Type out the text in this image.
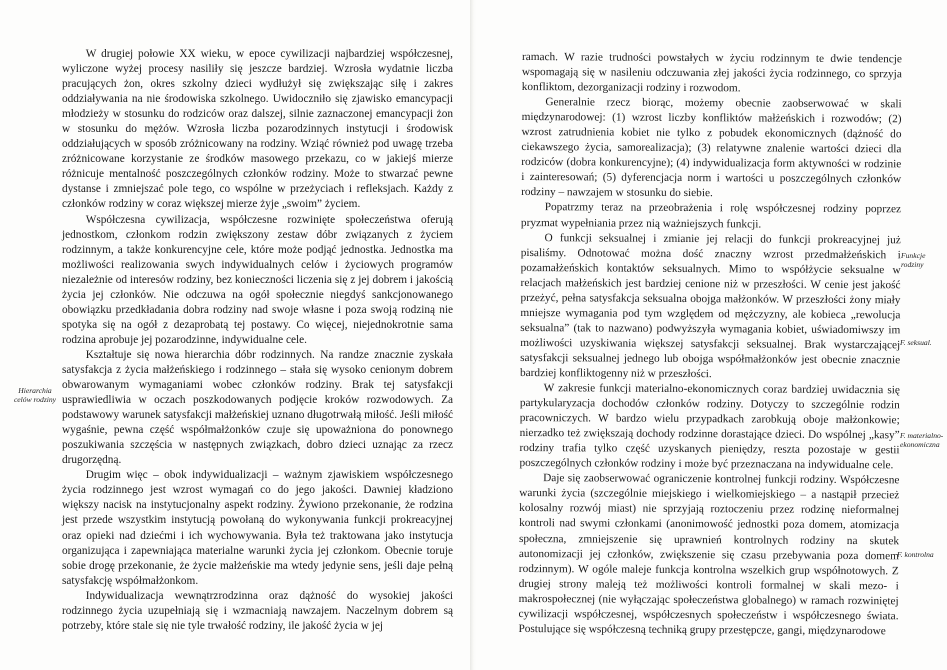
W drugiej połowie XX wieku, w epoce cywilizacji najbardziej współczesnej, wyliczone wyżej procesy nasiliły się jeszcze bardziej. Wzrosła wydatnie liczba pracujących żon, okres szkolny dzieci wydłużył się zwiększając siłę i zakres oddziaływania na nie środowiska szkolnego. Uwidoczniło się zjawisko emancypacji młodzieży w stosunku do rodziców oraz dalszej, silnie zaznaczonej emancypacji żon w stosunku do mężów. Wzrosła liczba pozarodzinnych instytucji i środowisk oddziałujących w sposób zróżnicowany na rodziny. Wziąć również pod uwagę trzeba zróżnicowane korzystanie ze środków masowego przekazu, co w jakiejś mierze różnicuje mentalność poszczególnych członków rodziny. Może to stwarzać pewne dystanse i zmniejszać pole tego, co wspólne w przeżyciach i refleksjach. Każdy z członków rodziny w coraz większej mierze żyje „swoim” życiem.

Współczesna cywilizacja, współczesne rozwinięte społeczeństwa oferują jednostkom, członkom rodzin zwiększony zestaw dóbr związanych z życiem rodzinnym, a także konkurencyjne cele, które może podjąć jednostka. Jednostka ma możliwości realizowania swych indywidualnych celów i życiowych programów niezależnie od interesów rodziny, bez konieczności liczenia się z jej dobrem i jakością życia jej członków. Nie odczuwa na ogół społecznie niegdyś sankcjonowanego obowiązku przedkładania dobra rodziny nad swoje własne i poza swoją rodziną nie spotyka się na ogół z dezaprobatą tej postawy. Co więcej, niejednokrotnie sama rodzina aprobuje jej pozarodzinne, indywidualne cele.

Kształtuje się nowa hierarchia dóbr rodzinnych. Na randze znacznie zyskała satysfakcja z życia małżeńskiego i rodzinnego – stała się wysoko cenionym dobrem obwarowanym wymaganiami wobec członków rodziny. Brak tej satysfakcji usprawiedliwia w oczach poszkodowanych podjęcie kroków rozwodowych. Za podstawowy warunek satysfakcji małżeńskiej uznano długotrwałą miłość. Jeśli miłość wygaśnie, pewna część współmałżonków czuje się upoważniona do ponownego poszukiwania szczęścia w następnych związkach, dobro dzieci uznając za rzecz drugorzędną.

Drugim więc – obok indywidualizacji – ważnym zjawiskiem współczesnego życia rodzinnego jest wzrost wymagań co do jego jakości. Dawniej kładziono większy nacisk na instytucjonalny aspekt rodziny. Żywiono przekonanie, że rodzina jest przede wszystkim instytucją powołaną do wykonywania funkcji prokreacyjnej oraz opieki nad dziećmi i ich wychowywania. Była też traktowana jako instytucja organizująca i zapewniająca materialne warunki życia jej członkom. Obecnie toruje sobie drogę przekonanie, że życie małżeńskie ma wtedy jedynie sens, jeśli daje pełną satysfakcję współmałżonkom.

Indywidualizacja wewnątrzrodzinna oraz dążność do wysokiej jakości rodzinnego życia uzupełniają się i wzmacniają nawzajem. Naczelnym dobrem są potrzeby, które stale się nie tyle trwałość rodziny, ile jakość życia w jej

Hierarchia celów rodziny

ramach. W razie trudności powstałych w życiu rodzinnym te dwie tendencje wspomagają się w nasileniu odczuwania złej jakości życia rodzinnego, co sprzyja konfliktom, dezorganizacji rodziny i rozwodom.

Generalnie rzecz biorąc, możemy obecnie zaobserwować w skali międzynarodowej: (1) wzrost liczby konfliktów małżeńskich i rozwodów; (2) wzrost zatrudnienia kobiet nie tylko z pobudek ekonomicznych (dążność do ciekawszego życia, samorealizacja); (3) relatywne znalenie wartości dzieci dla rodziców (dobra konkurencyjne); (4) indywidualizacja form aktywności w rodzinie i zainteresowań; (5) dyferencjacja norm i wartości u poszczególnych członków rodziny – nawzajem w stosunku do siebie.

Popatrzmy teraz na przeobrażenia i rolę współczesnej rodziny poprzez pryzmat wypełniania przez nią ważniejszych funkcji.

O funkcji seksualnej i zmianie jej relacji do funkcji prokreacyjnej już pisaliśmy. Odnotować można dość znaczny wzrost przedmałżeńskich i pozamałżeńskich kontaktów seksualnych. Mimo to współżycie seksualne w relacjach małżeńskich jest bardziej cenione niż w przeszłości. W cenie jest jakość przeżyć, pełna satysfakcja seksualna obojga małżonków. W przeszłości żony miały mniejsze wymagania pod tym względem od mężczyzny, ale kobieca „rewolucja seksualna” (tak to nazwano) podwyższyła wymagania kobiet, uświadomiwszy im możliwości uzyskiwania większej satysfakcji seksualnej. Brak wystarczającej satysfakcji seksualnej jednego lub obojga współmałżonków jest obecnie znacznie bardziej konfliktogenny niż w przeszłości.

W zakresie funkcji materialno-ekonomicznych coraz bardziej uwidacznia się partykularyzacja dochodów członków rodziny. Dotyczy to szczególnie rodzin pracowniczych. W bardzo wielu przypadkach zarobkują oboje małżonkowie; nierzadko też zwiększają dochody rodzinne dorastające dzieci. Do wspólnej „kasy” rodziny trafia tylko część uzyskanych pieniędzy, reszta pozostaje w gestii poszczególnych członków rodziny i może być przeznaczana na indywidualne cele.

Daje się zaobserwować ograniczenie kontrolnej funkcji rodziny. Współczesne warunki życia (szczególnie miejskiego i wielkomiejskiego – a nastąpił przecież kolosalny rozwój miast) nie sprzyjają roztoczeniu przez rodzinę nieformalnej kontroli nad swymi członkami (anonimowość jednostki poza domem, atomizacja społeczna, zmniejszenie się uprawnień kontrolnych rodziny na skutek autonomizacji jej członków, zwiększenie się czasu przebywania poza domem rodzinnym). W ogóle maleje funkcja kontrolna wszelkich grup współnotowych. Z drugiej strony maleją też możliwości kontroli formalnej w skali mezo- i makrospołecznej (nie wyłączając społeczeństwa globalnego) w ramach rozwiniętej cywilizacji współczesnej, współczesnych społeczeństw i współczesnego świata. Postulujące się współczesną techniką grupy przestępcze, gangi, międzynarodowe

Funkcje rodziny
F. seksual.
F. materialno-ekonomiczna
F. kontrolna
